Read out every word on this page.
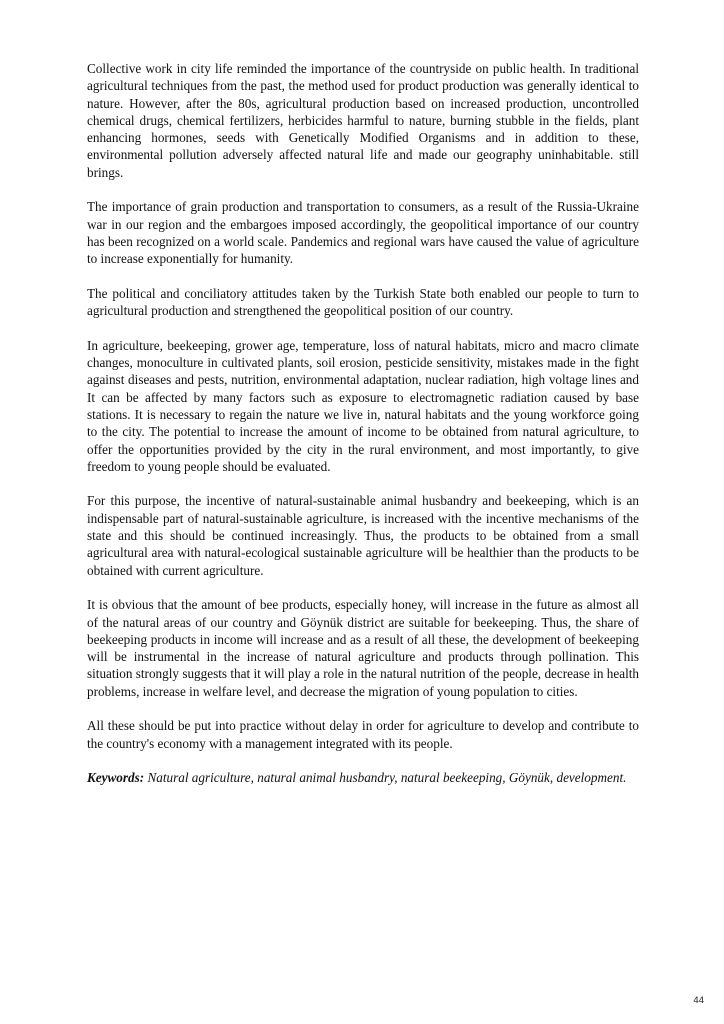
Collective work in city life reminded the importance of the countryside on public health. In traditional agricultural techniques from the past, the method used for product production was generally identical to nature. However, after the 80s, agricultural production based on increased production, uncontrolled chemical drugs, chemical fertilizers, herbicides harmful to nature, burning stubble in the fields, plant enhancing hormones, seeds with Genetically Modified Organisms and in addition to these, environmental pollution adversely affected natural life and made our geography uninhabitable. still brings.

The importance of grain production and transportation to consumers, as a result of the Russia-Ukraine war in our region and the embargoes imposed accordingly, the geopolitical importance of our country has been recognized on a world scale. Pandemics and regional wars have caused the value of agriculture to increase exponentially for humanity.

The political and conciliatory attitudes taken by the Turkish State both enabled our people to turn to agricultural production and strengthened the geopolitical position of our country.

In agriculture, beekeeping, grower age, temperature, loss of natural habitats, micro and macro climate changes, monoculture in cultivated plants, soil erosion, pesticide sensitivity, mistakes made in the fight against diseases and pests, nutrition, environmental adaptation, nuclear radiation, high voltage lines and It can be affected by many factors such as exposure to electromagnetic radiation caused by base stations. It is necessary to regain the nature we live in, natural habitats and the young workforce going to the city. The potential to increase the amount of income to be obtained from natural agriculture, to offer the opportunities provided by the city in the rural environment, and most importantly, to give freedom to young people should be evaluated.

For this purpose, the incentive of natural-sustainable animal husbandry and beekeeping, which is an indispensable part of natural-sustainable agriculture, is increased with the incentive mechanisms of the state and this should be continued increasingly. Thus, the products to be obtained from a small agricultural area with natural-ecological sustainable agriculture will be healthier than the products to be obtained with current agriculture.

It is obvious that the amount of bee products, especially honey, will increase in the future as almost all of the natural areas of our country and Göynük district are suitable for beekeeping. Thus, the share of beekeeping products in income will increase and as a result of all these, the development of beekeeping will be instrumental in the increase of natural agriculture and products through pollination. This situation strongly suggests that it will play a role in the natural nutrition of the people, decrease in health problems, increase in welfare level, and decrease the migration of young population to cities.

All these should be put into practice without delay in order for agriculture to develop and contribute to the country's economy with a management integrated with its people.

Keywords: Natural agriculture, natural animal husbandry, natural beekeeping, Göynük, development.

44
